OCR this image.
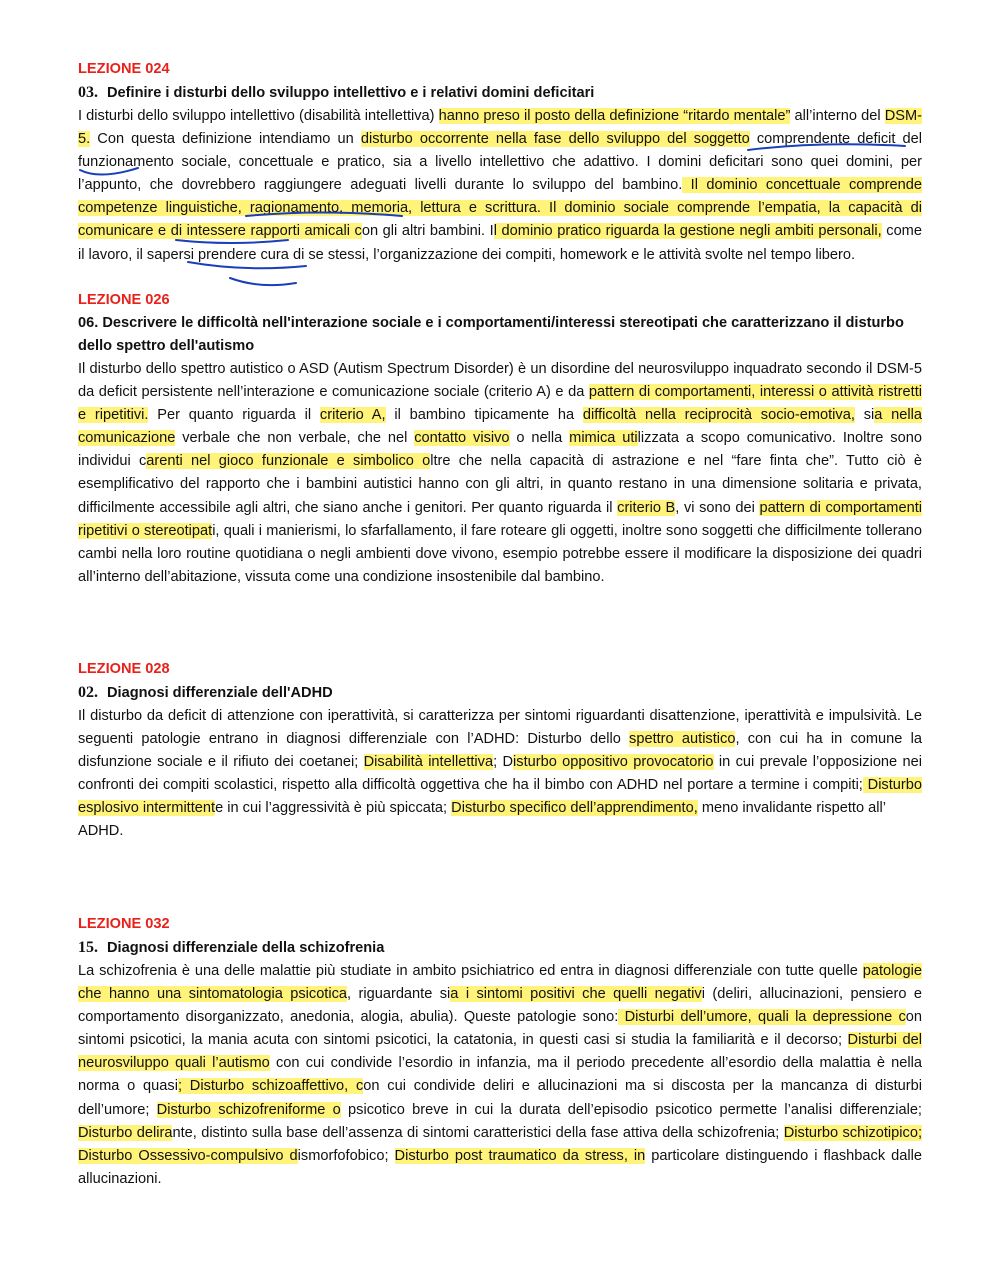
LEZIONE 024
03. Definire i disturbi dello sviluppo intellettivo e i relativi domini deficitari
I disturbi dello sviluppo intellettivo (disabilità intellettiva) hanno preso il posto della definizione “ritardo mentale” all’interno del DSM-5. Con questa definizione intendiamo un disturbo occorrente nella fase dello sviluppo del soggetto comprendente deficit del funzionamento sociale, concettuale e pratico, sia a livello intellettivo che adattivo. I domini deficitari sono quei domini, per l’appunto, che dovrebbero raggiungere adeguati livelli durante lo sviluppo del bambino. Il dominio concettuale comprende competenze linguistiche, ragionamento, memoria, lettura e scrittura. Il dominio sociale comprende l’empatia, la capacità di comunicare e di intessere rapporti amicali con gli altri bambini. Il dominio pratico riguarda la gestione negli ambiti personali, come il lavoro, il sapersi prendere cura di se stessi, l’organizzazione dei compiti, homework e le attività svolte nel tempo libero.
LEZIONE 026
06. Descrivere le difficoltà nell'interazione sociale e i comportamenti/interessi stereotipati che caratterizzano il disturbo dello spettro dell'autismo
Il disturbo dello spettro autistico o ASD (Autism Spectrum Disorder) è un disordine del neurosviluppo inquadrato secondo il DSM-5 da deficit persistente nell’interazione e comunicazione sociale (criterio A) e da pattern di comportamenti, interessi o attività ristretti e ripetitivi. Per quanto riguarda il criterio A, il bambino tipicamente ha difficoltà nella reciprocità socio-emotiva, sia nella comunicazione verbale che non verbale, che nel contatto visivo o nella mimica utilizzata a scopo comunicativo. Inoltre sono individui carenti nel gioco funzionale e simbolico oltre che nella capacità di astrazione e nel “fare finta che”. Tutto ciò è esemplificativo del rapporto che i bambini autistici hanno con gli altri, in quanto restano in una dimensione solitaria e privata, difficilmente accessibile agli altri, che siano anche i genitori. Per quanto riguarda il criterio B, vi sono dei pattern di comportamenti ripetitivi o stereotipati, quali i manierismi, lo sfarfallamento, il fare roteare gli oggetti, inoltre sono soggetti che difficilmente tollerano cambi nella loro routine quotidiana o negli ambienti dove vivono, esempio potrebbe essere il modificare la disposizione dei quadri all’interno dell’abitazione, vissuta come una condizione insostenibile dal bambino.
LEZIONE 028
02. Diagnosi differenziale dell'ADHD
Il disturbo da deficit di attenzione con iperattività, si caratterizza per sintomi riguardanti disattenzione, iperattività e impulsività. Le seguenti patologie entrano in diagnosi differenziale con l’ADHD: Disturbo dello spettro autistico, con cui ha in comune la disfunzione sociale e il rifiuto dei coetanei; Disabilità intellettiva; Disturbo oppositivo provocatorio in cui prevale l’opposizione nei confronti dei compiti scolastici, rispetto alla difficoltà oggettiva che ha il bimbo con ADHD nel portare a termine i compiti; Disturbo esplosivo intermittente in cui l’aggressività è più spiccata; Disturbo specifico dell’apprendimento, meno invalidante rispetto all’
ADHD.
LEZIONE 032
15. Diagnosi differenziale della schizofrenia
La schizofrenia è una delle malattie più studiate in ambito psichiatrico ed entra in diagnosi differenziale con tutte quelle patologie che hanno una sintomatologia psicotica, riguardante sia i sintomi positivi che quelli negativi (deliri, allucinazioni, pensiero e comportamento disorganizzato, anedonia, alogia, abulia). Queste patologie sono: Disturbi dell’umore, quali la depressione con sintomi psicotici, la mania acuta con sintomi psicotici, la catatonia, in questi casi si studia la familiarità e il decorso; Disturbi del neurosviluppo quali l’autismo con cui condivide l’esordio in infanzia, ma il periodo precedente all’esordio della malattia è nella norma o quasi; Disturbo schizoaffettivo, con cui condivide deliri e allucinazioni ma si discosta per la mancanza di disturbi dell’umore; Disturbo schizofreniforme o psicotico breve in cui la durata dell’episodio psicotico permette l’analisi differenziale; Disturbo delirante, distinto sulla base dell’assenza di sintomi caratteristici della fase attiva della schizofrenia; Disturbo schizotipico; Disturbo Ossessivo-compulsivo dismorfofobico; Disturbo post traumatico da stress, in particolare distinguendo i flashback dalle allucinazioni.
